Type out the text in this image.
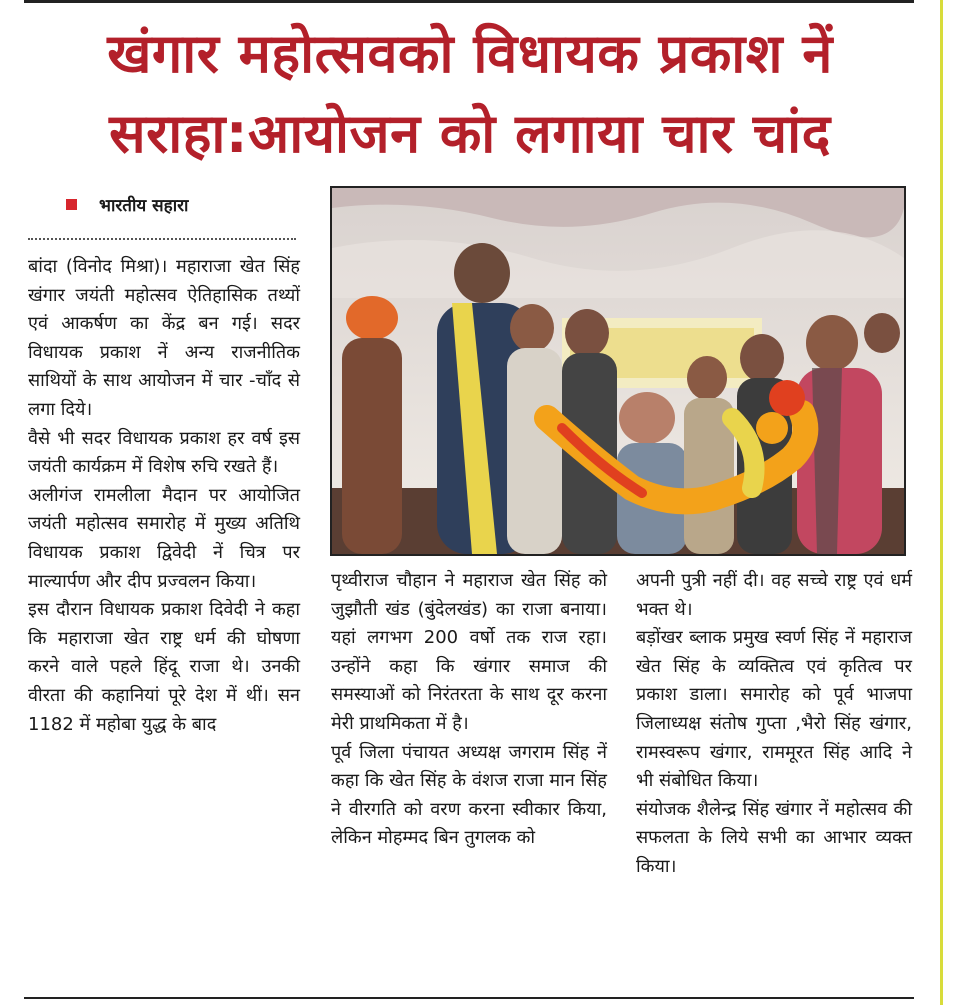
खंगार महोत्सवको विधायक प्रकाश नें सराहा:आयोजन को लगाया चार चांद
भारतीय सहारा

बांदा (विनोद मिश्रा)। महाराजा खेत सिंह खंगार जयंती महोत्सव ऐतिहासिक तथ्यों एवं आकर्षण का केंद्र बन गई। सदर विधायक प्रकाश नें अन्य राजनीतिक साथियों के साथ आयोजन में चार -चाँद से लगा दिये।

वैसे भी सदर विधायक प्रकाश हर वर्ष इस जयंती कार्यक्रम में विशेष रुचि रखते हैं।

अलीगंज रामलीला मैदान पर आयोजित जयंती महोत्सव समारोह में मुख्य अतिथि विधायक प्रकाश द्विवेदी नें चित्र पर माल्यार्पण और दीप प्रज्वलन किया।

इस दौरान विधायक प्रकाश दिवेदी ने कहा कि महाराजा खेत राष्ट्र धर्म की घोषणा करने वाले पहले हिंदू राजा थे। उनकी वीरता की कहानियां पूरे देश में थीं। सन 1182 में महोबा युद्ध के बाद

पृथ्वीराज चौहान ने महाराज खेत सिंह को जुझौती खंड (बुंदेलखंड) का राजा बनाया। यहां लगभग 200 वर्षो तक राज रहा। उन्होंने कहा कि खंगार समाज की समस्याओं को निरंतरता के साथ दूर करना मेरी प्राथमिकता में है।

पूर्व जिला पंचायत अध्यक्ष जगराम सिंह नें कहा कि खेत सिंह के वंशज राजा मान सिंह ने वीरगति को वरण करना स्वीकार किया, लेकिन मोहम्मद बिन तुगलक को

अपनी पुत्री नहीं दी। वह सच्चे राष्ट्र एवं धर्म भक्त थे।

बड़ोंखर ब्लाक प्रमुख स्वर्ण सिंह नें महाराज खेत सिंह के व्यक्तित्व एवं कृतित्व पर प्रकाश डाला। समारोह को पूर्व भाजपा जिलाध्यक्ष संतोष गुप्ता ,भैरो सिंह खंगार, रामस्वरूप खंगार, राममूरत सिंह आदि ने भी संबोधित किया।

संयोजक शैलेन्द्र सिंह खंगार नें महोत्सव की सफलता के लिये सभी का आभार व्यक्त किया।
